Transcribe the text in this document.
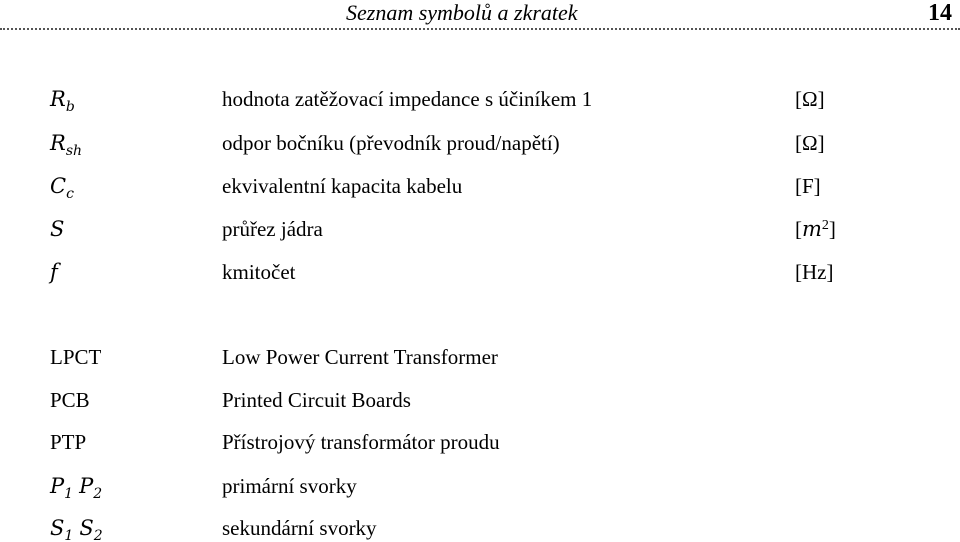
Seznam symbolů a zkratek	14
$R_b$	hodnota zatěžovací impedance s účiníkem 1	[Ω]
$R_{sh}$	odpor bočníku (převodník proud/napětí)	[Ω]
$C_c$	ekvivalentní kapacita kabelu	[F]
S	průřez jádra	$[m^2]$
f	kmitočet	[Hz]
LPCT	Low Power Current Transformer
PCB	Printed Circuit Boards
PTP	Přístrojový transformátor proudu
$P_1$ $P_2$	primární svorky
$S_1$ $S_2$	sekundární svorky
